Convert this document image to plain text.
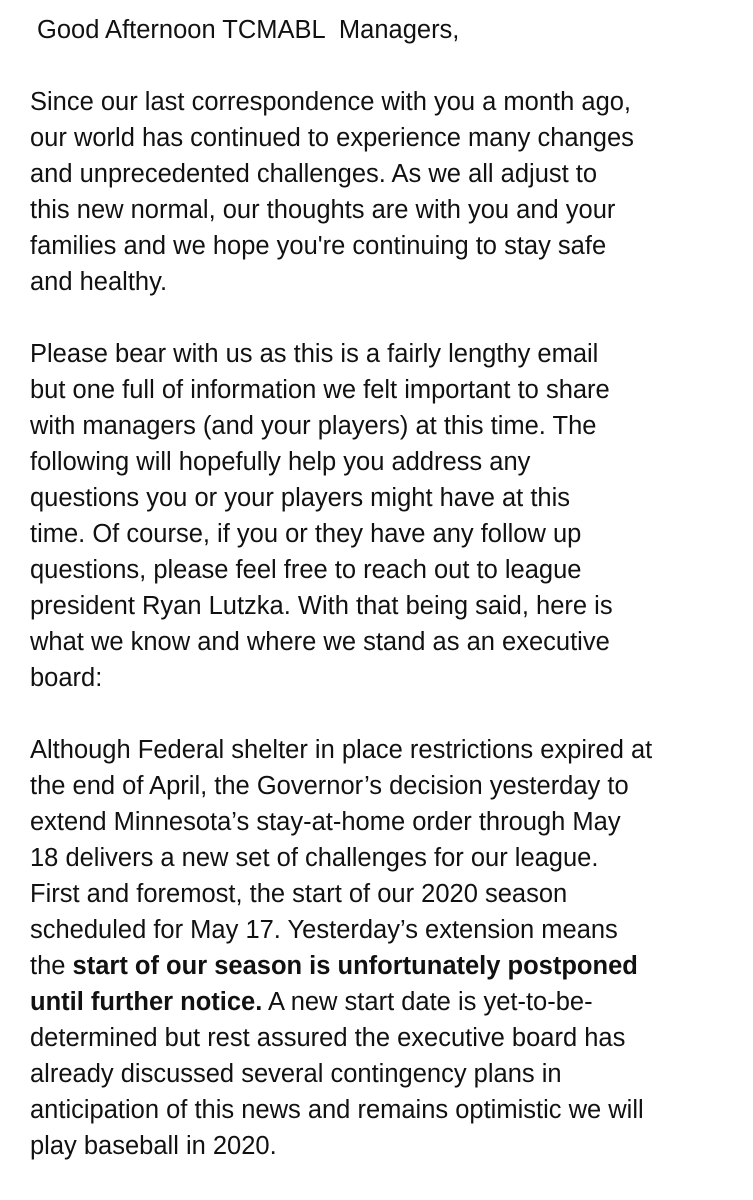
Good Afternoon TCMABL  Managers,
Since our last correspondence with you a month ago,
our world has continued to experience many changes
and unprecedented challenges. As we all adjust to
this new normal, our thoughts are with you and your
families and we hope you're continuing to stay safe
and healthy.
Please bear with us as this is a fairly lengthy email
but one full of information we felt important to share
with managers (and your players) at this time. The
following will hopefully help you address any
questions you or your players might have at this
time. Of course, if you or they have any follow up
questions, please feel free to reach out to league
president Ryan Lutzka. With that being said, here is
what we know and where we stand as an executive
board:
Although Federal shelter in place restrictions expired at
the end of April, the Governor’s decision yesterday to
extend Minnesota’s stay-at-home order through May
18 delivers a new set of challenges for our league.
First and foremost, the start of our 2020 season
scheduled for May 17. Yesterday’s extension means
the start of our season is unfortunately postponed
until further notice. A new start date is yet-to-be-
determined but rest assured the executive board has
already discussed several contingency plans in
anticipation of this news and remains optimistic we will
play baseball in 2020.
